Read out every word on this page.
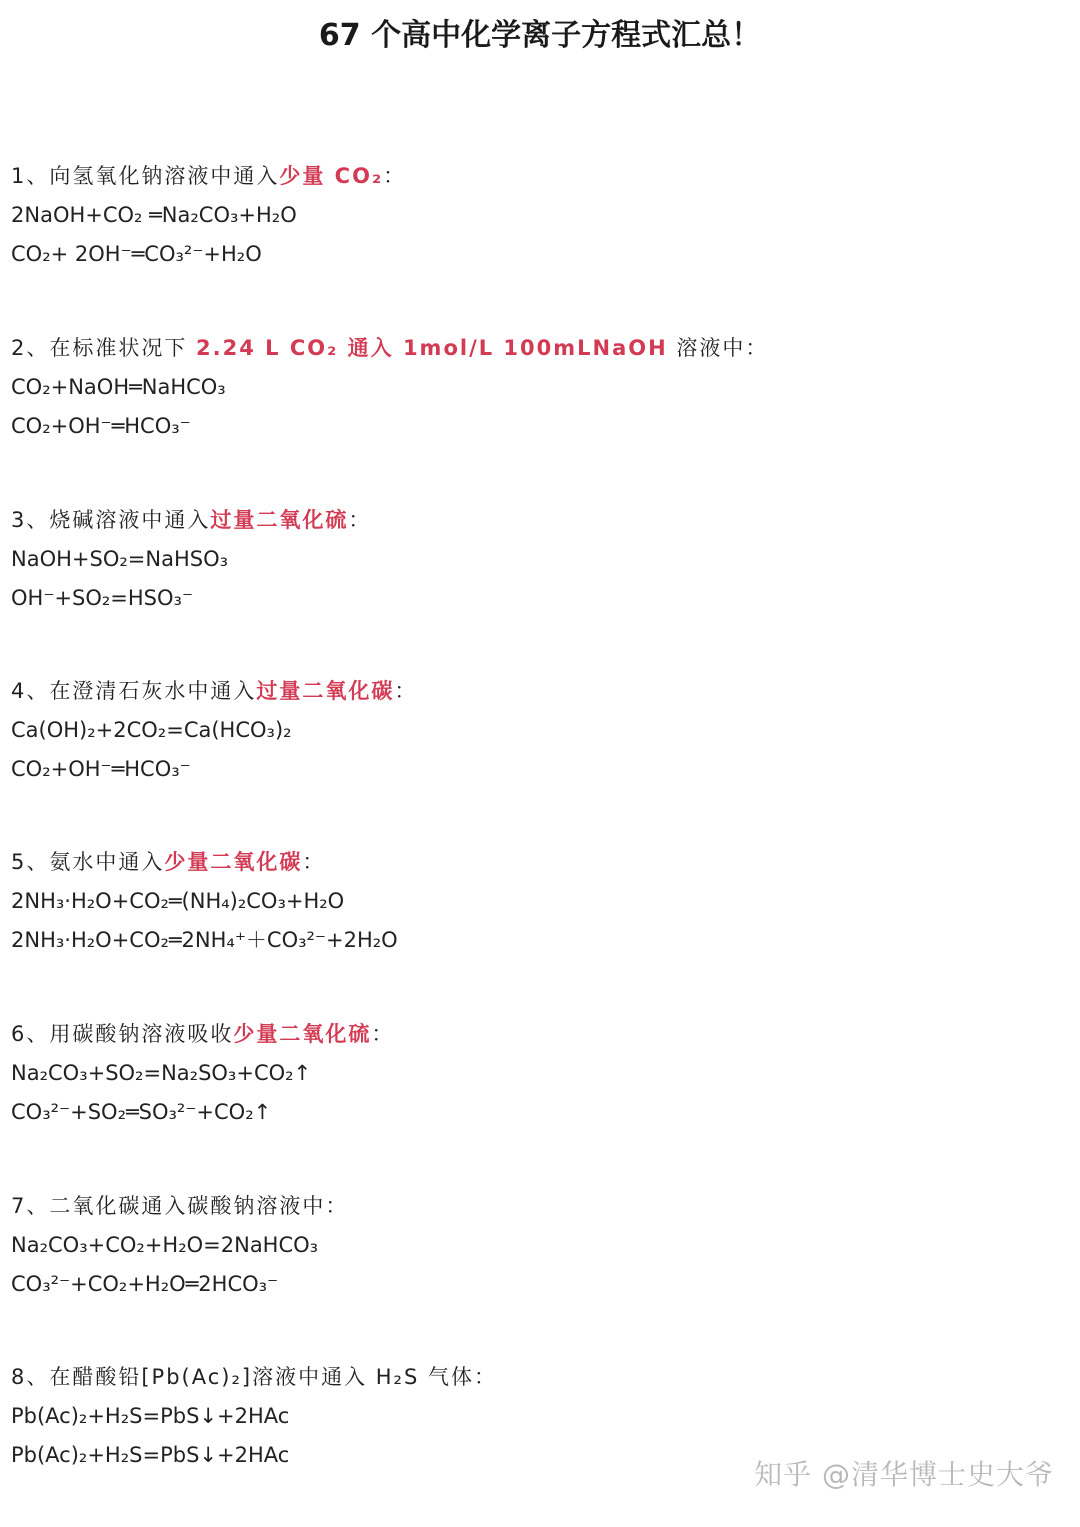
67 个高中化学离子方程式汇总！
1、向氢氧化钠溶液中通入少量 CO₂：
2NaOH+CO₂ ═Na₂CO₃+H₂O
CO₂+ 2OH⁻═CO₃²⁻+H₂O
2、在标准状况下 2.24 L CO₂ 通入 1mol/L 100mLNaOH 溶液中：
CO₂+NaOH═NaHCO₃
CO₂+OH⁻═HCO₃⁻
3、烧碱溶液中通入过量二氧化硫：
NaOH+SO₂=NaHSO₃
OH⁻+SO₂=HSO₃⁻
4、在澄清石灰水中通入过量二氧化碳：
Ca(OH)₂+2CO₂=Ca(HCO₃)₂
CO₂+OH⁻═HCO₃⁻
5、氨水中通入少量二氧化碳：
2NH₃·H₂O+CO₂═(NH₄)₂CO₃+H₂O
2NH₃·H₂O+CO₂═2NH₄⁺＋CO₃²⁻+2H₂O
6、用碳酸钠溶液吸收少量二氧化硫：
Na₂CO₃+SO₂=Na₂SO₃+CO₂↑
CO₃²⁻+SO₂═SO₃²⁻+CO₂↑
7、二氧化碳通入碳酸钠溶液中：
Na₂CO₃+CO₂+H₂O=2NaHCO₃
CO₃²⁻+CO₂+H₂O═2HCO₃⁻
8、在醋酸铅[Pb(Ac)₂]溶液中通入 H₂S 气体：
Pb(Ac)₂+H₂S=PbS↓+2HAc
Pb(Ac)₂+H₂S=PbS↓+2HAc
知乎 @清华博士史大爷
